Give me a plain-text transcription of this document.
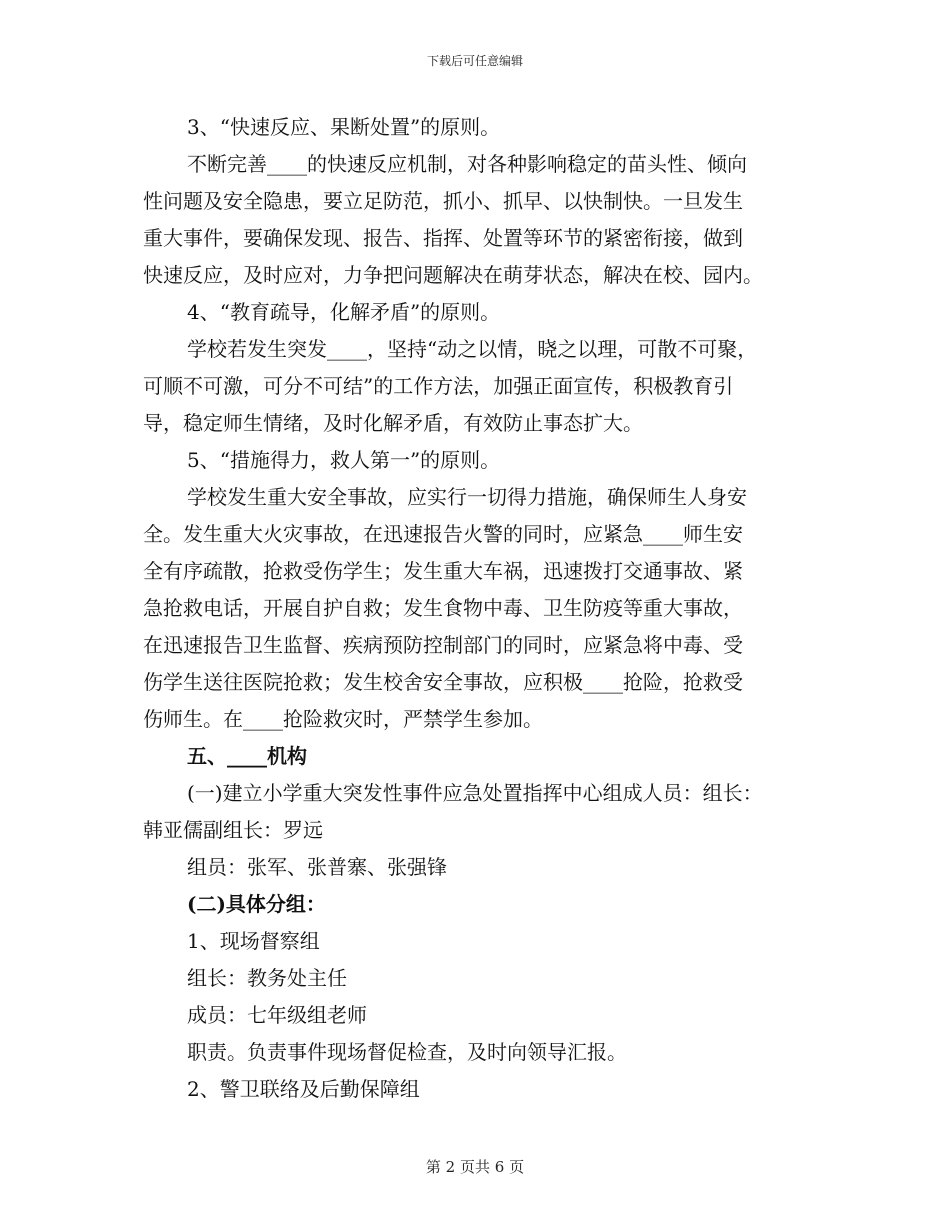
下载后可任意编辑

3、“快速反应、果断处置”的原则。

不断完善____的快速反应机制，对各种影响稳定的苗头性、倾向

性问题及安全隐患，要立足防范，抓小、抓早、以快制快。一旦发生

重大事件，要确保发现、报告、指挥、处置等环节的紧密衔接，做到

快速反应，及时应对，力争把问题解决在萌芽状态，解决在校、园内。

4、“教育疏导，化解矛盾”的原则。

学校若发生突发____，坚持“动之以情，晓之以理，可散不可聚，

可顺不可激，可分不可结”的工作方法，加强正面宣传，积极教育引

导，稳定师生情绪，及时化解矛盾，有效防止事态扩大。

5、“措施得力，救人第一”的原则。

学校发生重大安全事故，应实行一切得力措施，确保师生人身安

全。发生重大火灾事故，在迅速报告火警的同时，应紧急____师生安

全有序疏散，抢救受伤学生；发生重大车祸，迅速拨打交通事故、紧

急抢救电话，开展自护自救；发生食物中毒、卫生防疫等重大事故，

在迅速报告卫生监督、疾病预防控制部门的同时，应紧急将中毒、受

伤学生送往医院抢救；发生校舍安全事故，应积极____抢险，抢救受

伤师生。在____抢险救灾时，严禁学生参加。

五、____机构

(一)建立小学重大突发性事件应急处置指挥中心组成人员：组长：

韩亚儒副组长：罗远

组员：张军、张普寨、张强锋

(二)具体分组：

1、现场督察组

组长：教务处主任

成员：七年级组老师

职责。负责事件现场督促检查，及时向领导汇报。

2、警卫联络及后勤保障组

第 2 页共 6 页
